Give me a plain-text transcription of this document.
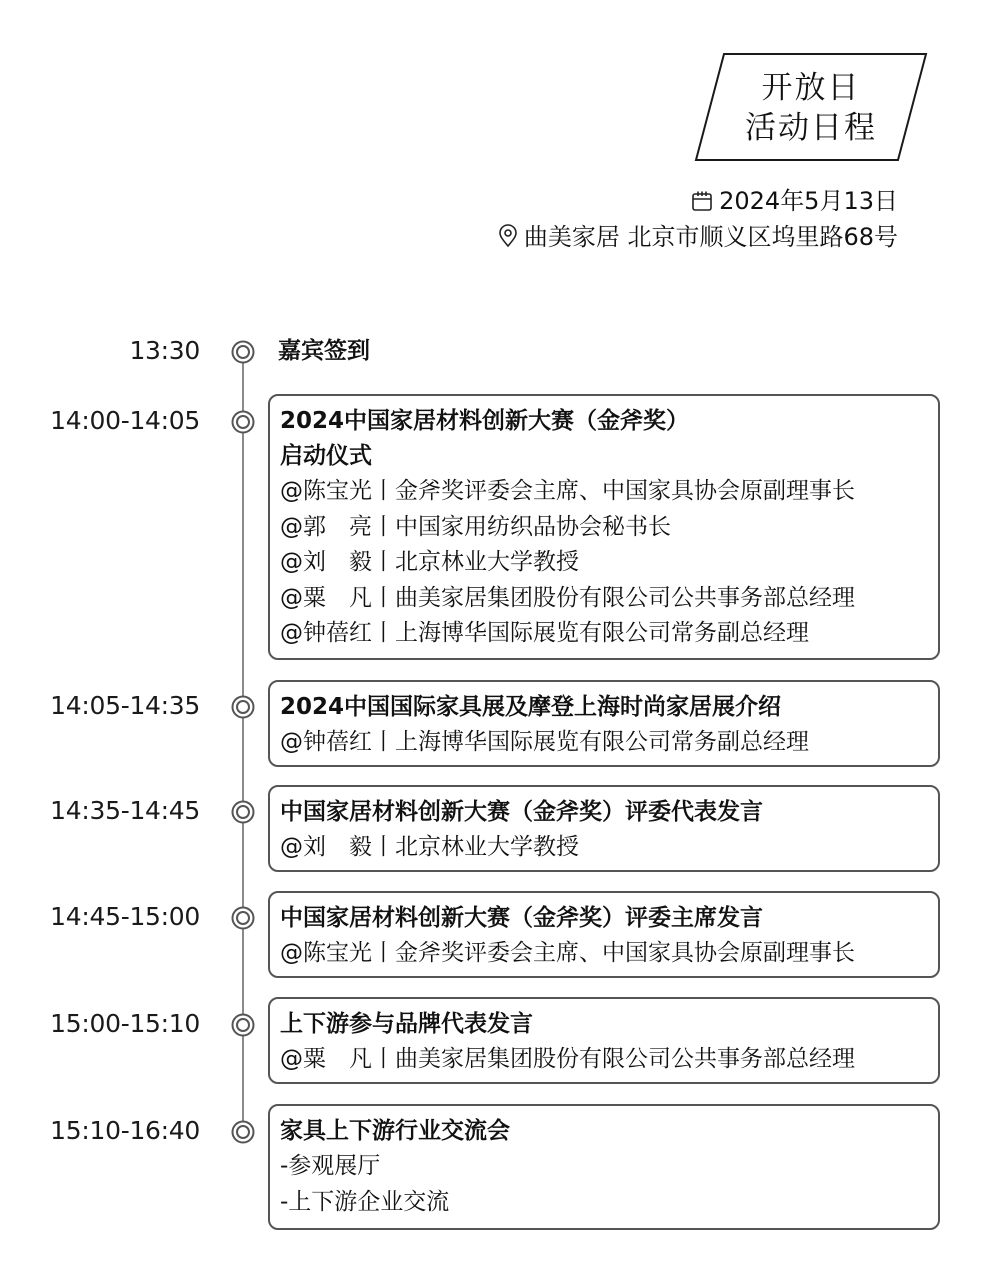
开放日
活动日程
2024年5月13日
曲美家居 北京市顺义区坞里路68号
13:30	嘉宾签到
14:00-14:05	2024中国家居材料创新大赛（金斧奖）
启动仪式
@陈宝光丨金斧奖评委会主席、中国家具协会原副理事长
@郭　亮丨中国家用纺织品协会秘书长
@刘　毅丨北京林业大学教授
@粟　凡丨曲美家居集团股份有限公司公共事务部总经理
@钟蓓红丨上海博华国际展览有限公司常务副总经理
14:05-14:35	2024中国国际家具展及摩登上海时尚家居展介绍
@钟蓓红丨上海博华国际展览有限公司常务副总经理
14:35-14:45	中国家居材料创新大赛（金斧奖）评委代表发言
@刘　毅丨北京林业大学教授
14:45-15:00	中国家居材料创新大赛（金斧奖）评委主席发言
@陈宝光丨金斧奖评委会主席、中国家具协会原副理事长
15:00-15:10	上下游参与品牌代表发言
@粟　凡丨曲美家居集团股份有限公司公共事务部总经理
15:10-16:40	家具上下游行业交流会
-参观展厅
-上下游企业交流
